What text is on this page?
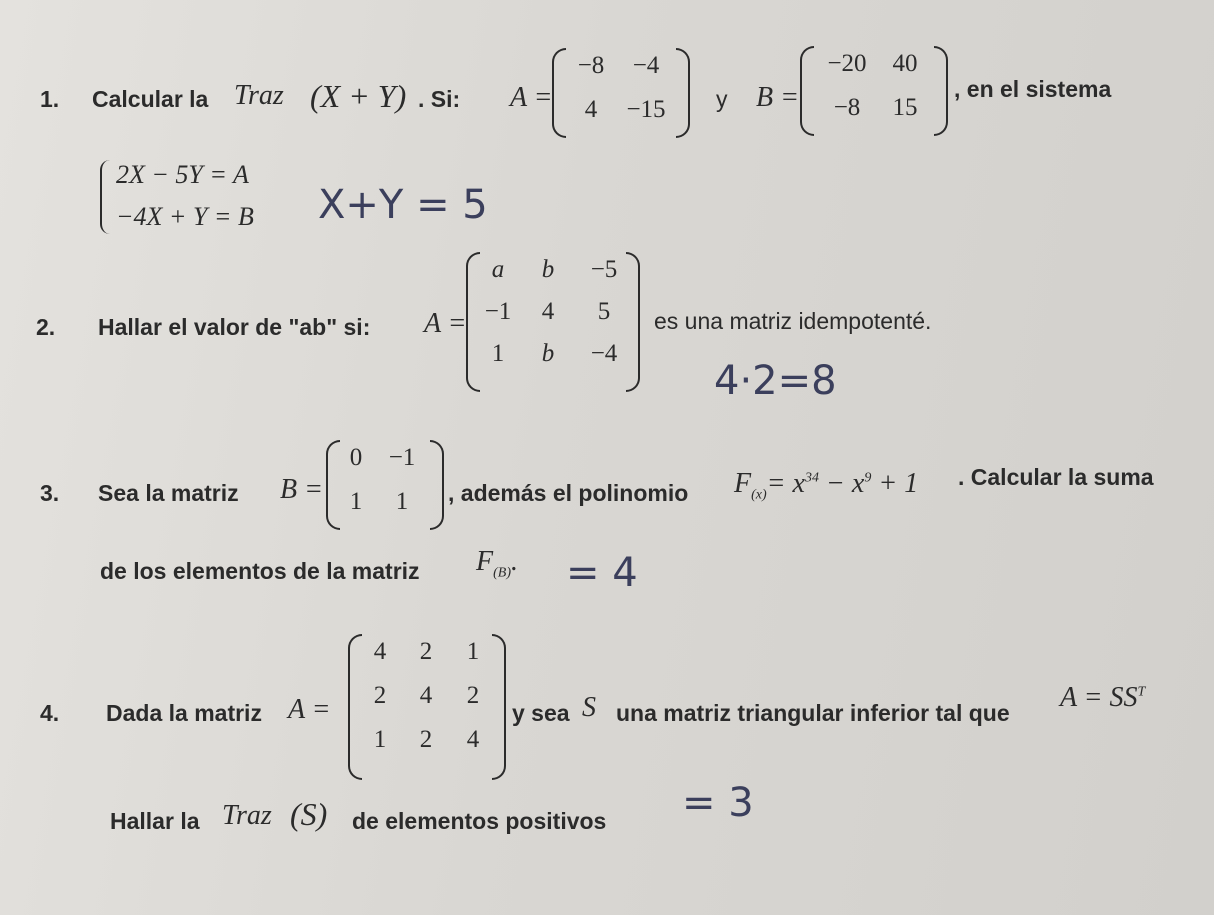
1. Calcular la Traz (X + Y) . Si: A =
−8	−4
4	−15	y B =
−20	40
−8	15
, en el sistema
2X − 5Y = A
−4X + Y = B X+Y = 5
2. Hallar el valor de "ab" si: A =
a	b	−5
−1	4	5
1	b	−4
es una matriz idempotenté.
4·2=8
3. Sea la matriz B =
0	−1
1	1	, además el polinomio $F_{(x)}= x^{34} - x^9 + 1$ . Calcular la suma
de los elementos de la matriz $F_{(B)}$. = 4
4. Dada la matriz A =
4	2	1
2	4	2
1	2	4
y sea S una matriz triangular inferior tal que $A = SS^T$
Hallar la Traz (S) de elementos positivos = 3
